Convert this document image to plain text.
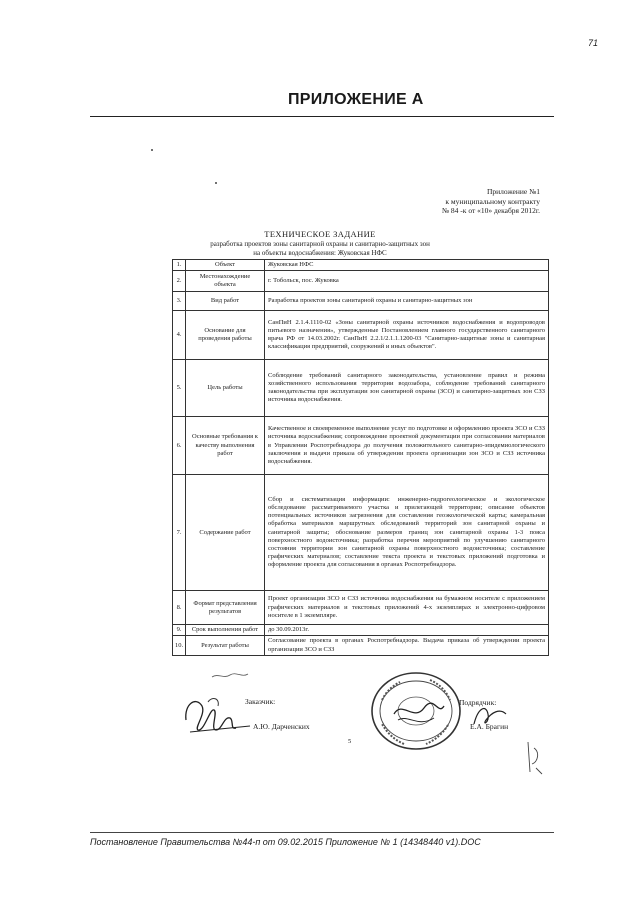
71
ПРИЛОЖЕНИЕ А
Приложение №1
к муниципальному контракту
№ 84 -к от «10» декабря 2012г.
ТЕХНИЧЕСКОЕ ЗАДАНИЕ
разработка проектов зоны санитарной охраны и санитарно-защитных зон
на объекты водоснабжения: Жуковская НФС
1.	Объект	Жуковская НФС
2.	Местонахождение объекта	г. Тобольск, пос. Жуковка
3.	Вид работ	Разработка проектов зоны санитарной охраны и санитарно-защитных зон
4.	Основание для проведения работы	СанПиН 2.1.4.1110-02 «Зоны санитарной охраны источников водоснабжения и водопроводов питьевого назначения», утвержденные Постановлением главного государственного санитарного врача РФ от 14.03.2002г. СанПиН 2.2.1/2.1.1.1200-03 "Санитарно-защитные зоны и санитарная классификация предприятий, сооружений и иных объектов".
5.	Цель работы	Соблюдение требований санитарного законодательства, установление правил и режима хозяйственного использования территории водозабора, соблюдение требований санитарного законодательства при эксплуатации зон санитарной охраны (ЗСО) и санитарно-защитных зон СЗЗ источника водоснабжения.
6.	Основные требования к качеству выполнения работ	Качественное и своевременное выполнение услуг по подготовке и оформлению проекта ЗСО и СЗЗ источника водоснабжения; сопровождение проектной документации при согласовании материалов в Управлении Роспотребнадзора до получения положительного санитарно-эпидемиологического заключения и выдачи приказа об утверждении проекта организации зон ЗСО и СЗЗ источника водоснабжения.
7.	Содержание работ	Сбор и систематизация информации: инженерно-гидрогеологическое и экологическое обследование рассматриваемого участка и прилегающей территории; описание объектов потенциальных источников загрязнения для составления геоэкологической карты; камеральная обработка материалов маршрутных обследований территорий зон санитарной охраны и санитарной защиты; обоснование размеров границ зон санитарной охраны 1-3 пояса поверхностного водоисточника; разработка перечня мероприятий по улучшению санитарного состояния территории зон санитарной охраны поверхностного водоисточника; составление графических материалов; составление текста проекта и текстовых приложений подготовка и оформление проекта для согласования в органах Роспотребнадзора.
8.	Формат представления результатов	Проект организации ЗСО и СЗЗ источника водоснабжения на бумажном носителе с приложением графических материалов и текстовых приложений 4-х экземплярах и электронно-цифровом носителе в 1 экземпляре.
9.	Срок выполнения работ	до 30.09.2013г.
10.	Результат работы	Согласование проекта в органах Роспотребнадзора. Выдача приказа об утверждении проекта организации ЗСО и СЗЗ
Заказчик:
А.Ю. Дарченских
Подрядчик:
Е.А. Брагин
5
Постановление Правительства №44-п от 09.02.2015 Приложение № 1 (14348440 v1).DOC
